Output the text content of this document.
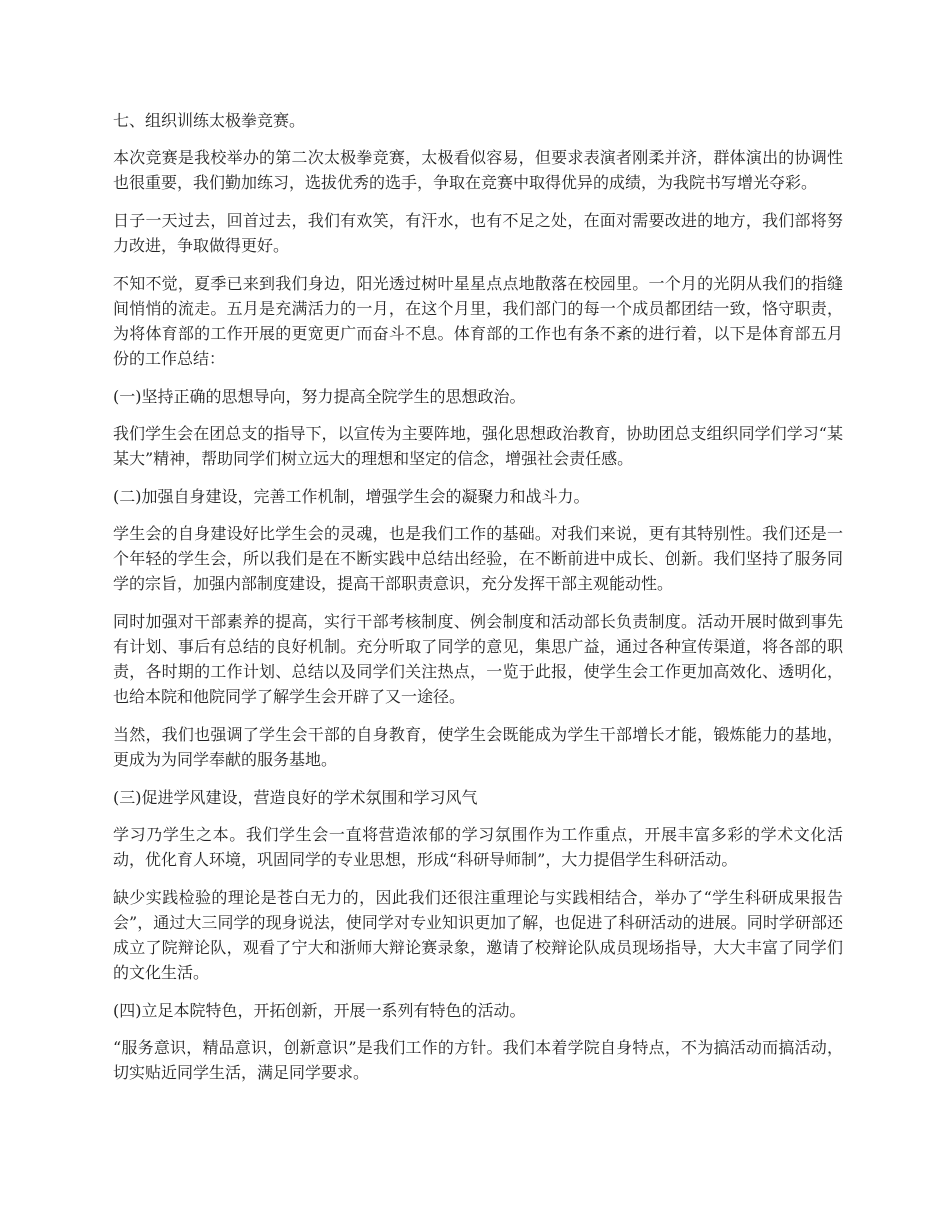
七、组织训练太极拳竞赛。

本次竞赛是我校举办的第二次太极拳竞赛，太极看似容易，但要求表演者刚柔并济，群体演出的协调性也很重要，我们勤加练习，选拔优秀的选手，争取在竞赛中取得优异的成绩，为我院书写增光夺彩。

日子一天过去，回首过去，我们有欢笑，有汗水，也有不足之处，在面对需要改进的地方，我们部将努力改进，争取做得更好。

不知不觉，夏季已来到我们身边，阳光透过树叶星星点点地散落在校园里。一个月的光阴从我们的指缝间悄悄的流走。五月是充满活力的一月，在这个月里，我们部门的每一个成员都团结一致，恪守职责，为将体育部的工作开展的更宽更广而奋斗不息。体育部的工作也有条不紊的进行着，以下是体育部五月份的工作总结：

(一)坚持正确的思想导向，努力提高全院学生的思想政治。

我们学生会在团总支的指导下，以宣传为主要阵地，强化思想政治教育，协助团总支组织同学们学习“某某大”精神，帮助同学们树立远大的理想和坚定的信念，增强社会责任感。

(二)加强自身建设，完善工作机制，增强学生会的凝聚力和战斗力。

学生会的自身建设好比学生会的灵魂，也是我们工作的基础。对我们来说，更有其特别性。我们还是一个年轻的学生会，所以我们是在不断实践中总结出经验，在不断前进中成长、创新。我们坚持了服务同学的宗旨，加强内部制度建设，提高干部职责意识，充分发挥干部主观能动性。

同时加强对干部素养的提高，实行干部考核制度、例会制度和活动部长负责制度。活动开展时做到事先有计划、事后有总结的良好机制。充分听取了同学的意见，集思广益，通过各种宣传渠道，将各部的职责，各时期的工作计划、总结以及同学们关注热点，一览于此报，使学生会工作更加高效化、透明化，也给本院和他院同学了解学生会开辟了又一途径。

当然，我们也强调了学生会干部的自身教育，使学生会既能成为学生干部增长才能，锻炼能力的基地，更成为为同学奉献的服务基地。

(三)促进学风建设，营造良好的学术氛围和学习风气

学习乃学生之本。我们学生会一直将营造浓郁的学习氛围作为工作重点，开展丰富多彩的学术文化活动，优化育人环境，巩固同学的专业思想，形成“科研导师制”，大力提倡学生科研活动。

缺少实践检验的理论是苍白无力的，因此我们还很注重理论与实践相结合，举办了“学生科研成果报告会”，通过大三同学的现身说法，使同学对专业知识更加了解，也促进了科研活动的进展。同时学研部还成立了院辩论队，观看了宁大和浙师大辩论赛录象，邀请了校辩论队成员现场指导，大大丰富了同学们的文化生活。

(四)立足本院特色，开拓创新，开展一系列有特色的活动。

“服务意识，精品意识，创新意识”是我们工作的方针。我们本着学院自身特点，不为搞活动而搞活动，切实贴近同学生活，满足同学要求。
